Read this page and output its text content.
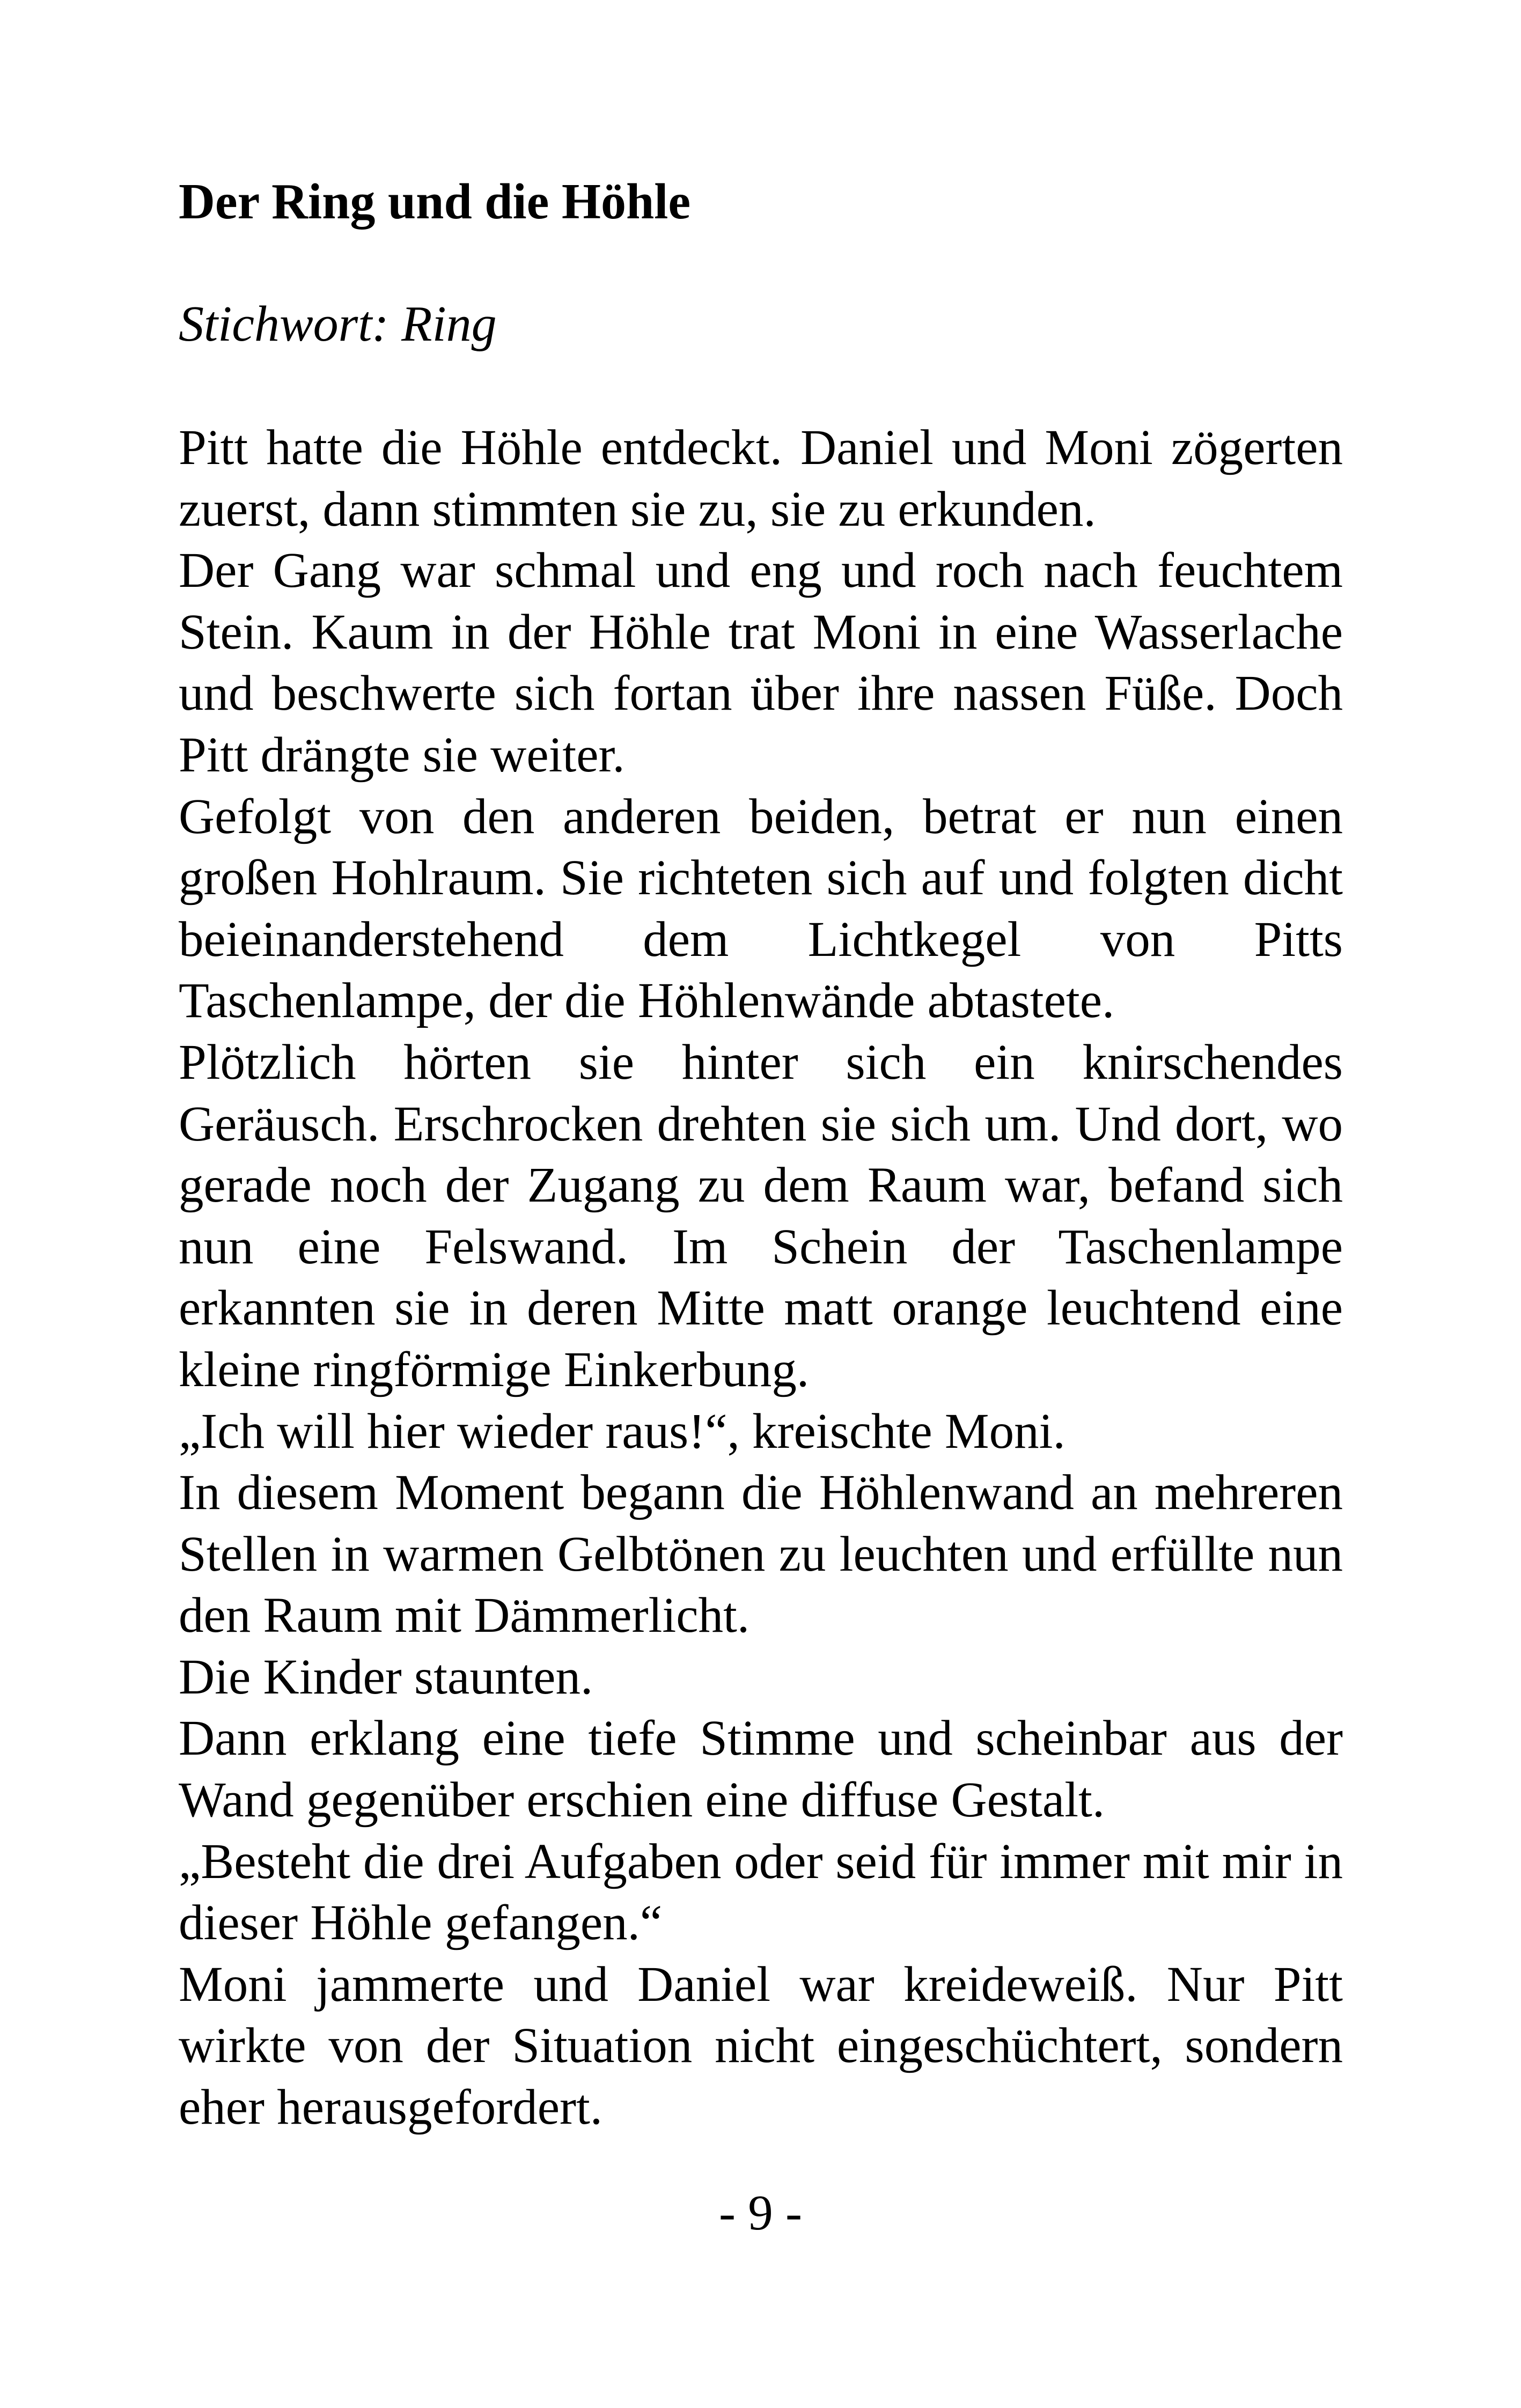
Der Ring und die Höhle

Stichwort: Ring

Pitt hatte die Höhle entdeckt. Daniel und Moni zögerten zuerst, dann stimmten sie zu, sie zu erkunden.

Der Gang war schmal und eng und roch nach feuchtem Stein. Kaum in der Höhle trat Moni in eine Wasserlache und beschwerte sich fortan über ihre nassen Füße. Doch Pitt drängte sie weiter.

Gefolgt von den anderen beiden, betrat er nun einen großen Hohlraum. Sie richteten sich auf und folgten dicht beieinanderstehend dem Lichtkegel von Pitts Taschenlampe, der die Höhlenwände abtastete.

Plötzlich hörten sie hinter sich ein knirschendes Geräusch. Erschrocken drehten sie sich um. Und dort, wo gerade noch der Zugang zu dem Raum war, befand sich nun eine Felswand. Im Schein der Taschenlampe erkannten sie in deren Mitte matt orange leuchtend eine kleine ringförmige Einkerbung.

„Ich will hier wieder raus!“, kreischte Moni.

In diesem Moment begann die Höhlenwand an mehreren Stellen in warmen Gelbtönen zu leuchten und erfüllte nun den Raum mit Dämmerlicht.

Die Kinder staunten.

Dann erklang eine tiefe Stimme und scheinbar aus der Wand gegenüber erschien eine diffuse Gestalt.

„Besteht die drei Aufgaben oder seid für immer mit mir in dieser Höhle gefangen.“

Moni jammerte und Daniel war kreideweiß. Nur Pitt wirkte von der Situation nicht eingeschüchtert, sondern eher herausgefordert.

- 9 -
